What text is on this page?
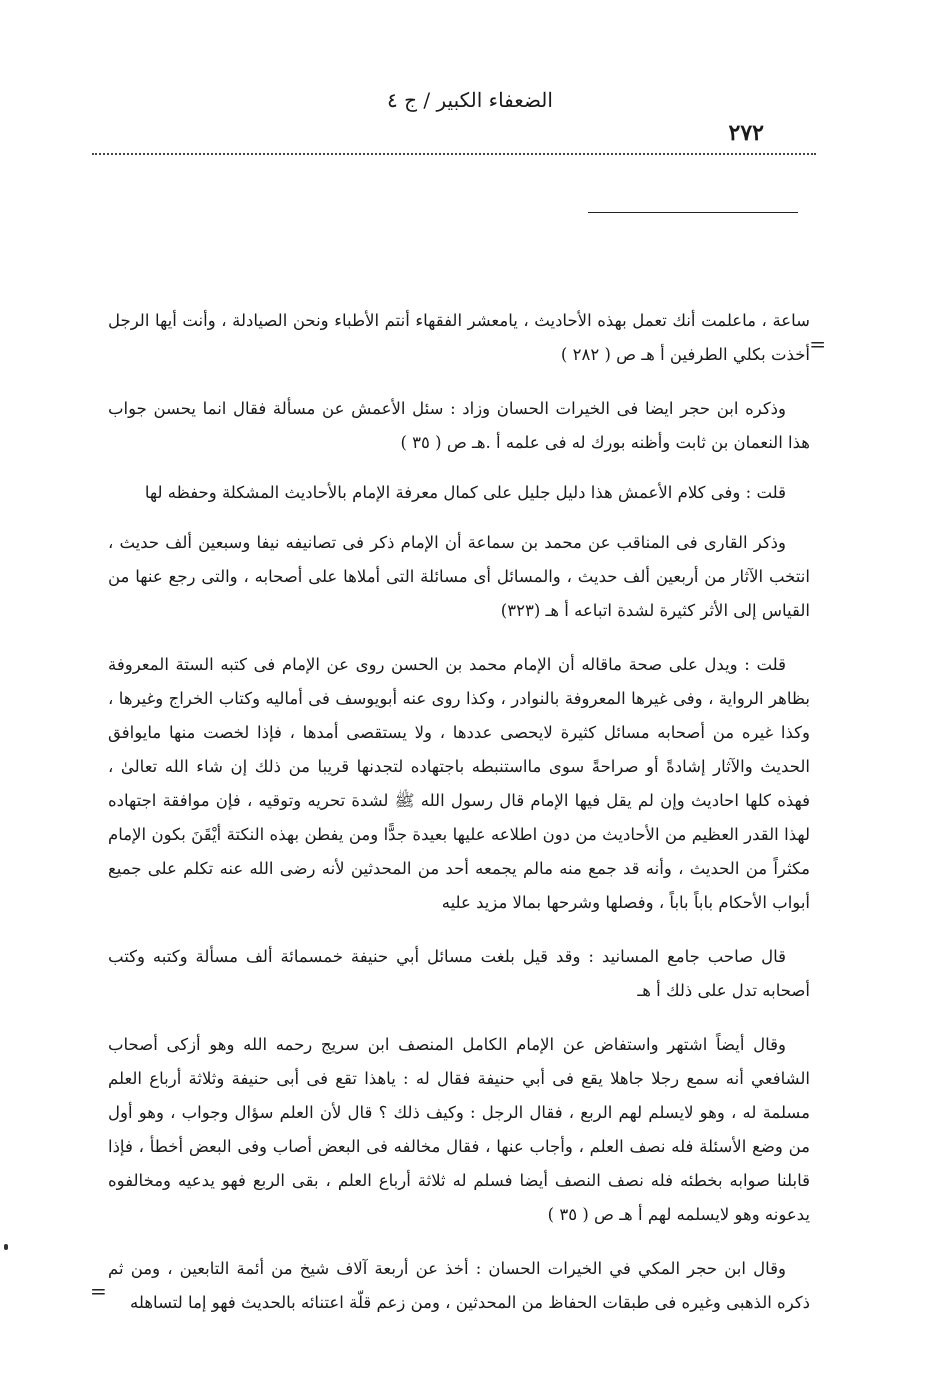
الضعفاء الكبير / ج ٤
٢٧٢
=

ساعة ، ماعلمت أنك تعمل بهذه الأحاديث ، يامعشر الفقهاء أنتم الأطباء ونحن الصيادلة ، وأنت أيها الرجل أخذت بكلي الطرفين أ هـ ص ( ٢٨٢ )

وذكره ابن حجر ايضا فى الخيرات الحسان وزاد : سئل الأعمش عن مسألة فقال انما يحسن جواب هذا النعمان بن ثابت وأظنه بورك له فى علمه أ .هـ ص ( ٣٥ )

قلت : وفى كلام الأعمش هذا دليل جليل على كمال معرفة الإمام بالأحاديث المشكلة وحفظه لها

وذكر القارى فى المناقب عن محمد بن سماعة أن الإمام ذكر فى تصانيفه نيفا وسبعين ألف حديث ، انتخب الآثار من أربعين ألف حديث ، والمسائل أى مسائلة التى أملاها على أصحابه ، والتى رجع عنها من القياس إلى الأثر كثيرة لشدة اتباعه أ هـ (٣٢٣)

قلت : ويدل على صحة ماقاله أن الإمام محمد بن الحسن روى عن الإمام فى كتبه الستة المعروفة بظاهر الرواية ، وفى غيرها المعروفة بالنوادر ، وكذا روى عنه أبويوسف فى أماليه وكتاب الخراج وغيرها ، وكذا غيره من أصحابه مسائل كثيرة لايحصى عددها ، ولا يستقصى أمدها ، فإذا لخصت منها مايوافق الحديث والآثار إشادةً أو صراحةً سوى مااستنبطه باجتهاده لتجدنها قريبا من ذلك إن شاء الله تعالىٰ ، فهذه كلها احاديث وإن لم يقل فيها الإمام قال رسول الله ﷺ لشدة تحريه وتوقيه ، فإن موافقة اجتهاده لهذا القدر العظيم من الأحاديث من دون اطلاعه عليها بعيدة جدًّا ومن يفطن بهذه النكتة أيْقَنَ بكون الإمام مكثراً من الحديث ، وأنه قد جمع منه مالم يجمعه أحد من المحدثين لأنه رضى الله عنه تكلم على جميع أبواب الأحكام باباً باباً ، وفصلها وشرحها بمالا مزيد عليه

قال صاحب جامع المسانيد : وقد قيل بلغت مسائل أبي حنيفة خمسمائة ألف مسألة وكتبه وكتب أصحابه تدل على ذلك أ هـ

وقال أيضاً اشتهر واستفاض عن الإمام الكامل المنصف ابن سريج رحمه الله وهو أزكى أصحاب الشافعي أنه سمع رجلا جاهلا يقع فى أبي حنيفة فقال له : ياهذا تقع فى أبى حنيفة وثلاثة أرباع العلم مسلمة له ، وهو لايسلم لهم الربع ، فقال الرجل : وكيف ذلك ؟ قال لأن العلم سؤال وجواب ، وهو أول من وضع الأسئلة فله نصف العلم ، وأجاب عنها ، فقال مخالفه فى البعض أصاب وفى البعض أخطأ ، فإذا قابلنا صوابه بخطئه فله نصف النصف أيضا فسلم له ثلاثة أرباع العلم ، بقى الربع فهو يدعيه ومخالفوه يدعونه وهو لايسلمه لهم أ هـ ص ( ٣٥ )

وقال ابن حجر المكي في الخيرات الحسان : أخذ عن أربعة آلاف شيخ من أئمة التابعين ، ومن ثم ذكره الذهبى وغيره فى طبقات الحفاظ من المحدثين ، ومن زعم قلّة اعتنائه بالحديث فهو إما لتساهله

=
